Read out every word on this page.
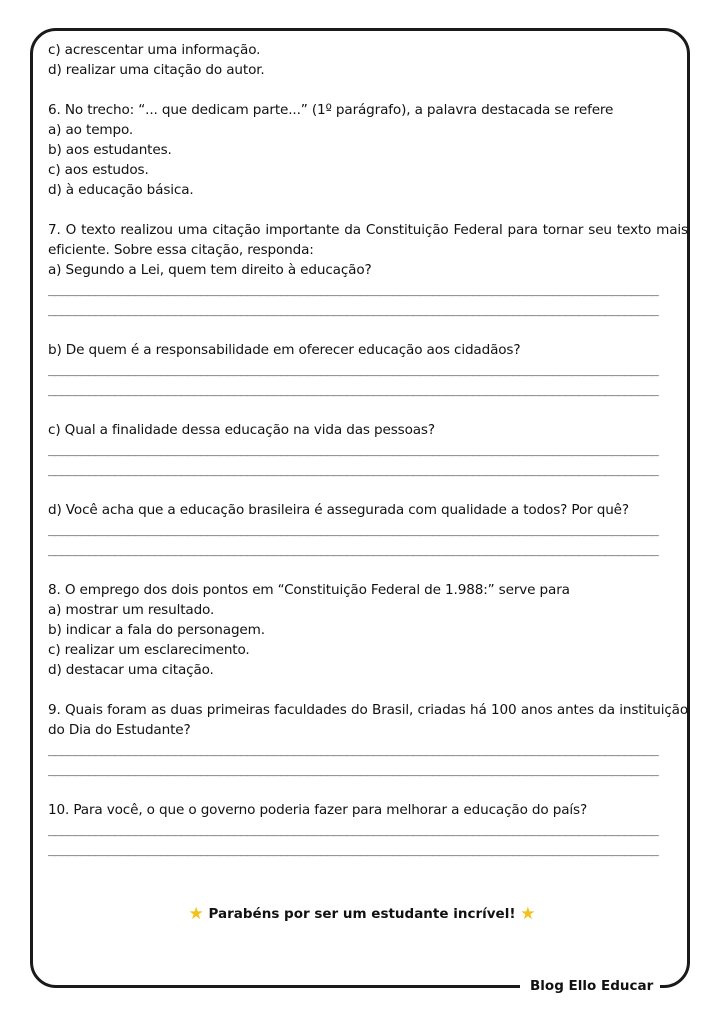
c) acrescentar uma informação.
d) realizar uma citação do autor.
6. No trecho: “... que dedicam parte...” (1º parágrafo), a palavra destacada se refere
a) ao tempo.
b) aos estudantes.
c) aos estudos.
d) à educação básica.
7. O texto realizou uma citação importante da Constituição Federal para tornar seu texto mais eficiente. Sobre essa citação, responda:
a) Segundo a Lei, quem tem direito à educação?
____________________________________________________________________________________________
____________________________________________________________________________________________
b) De quem é a responsabilidade em oferecer educação aos cidadãos?
____________________________________________________________________________________________
____________________________________________________________________________________________
c) Qual a finalidade dessa educação na vida das pessoas?
____________________________________________________________________________________________
____________________________________________________________________________________________
d) Você acha que a educação brasileira é assegurada com qualidade a todos? Por quê?
____________________________________________________________________________________________
____________________________________________________________________________________________
8. O emprego dos dois pontos em “Constituição Federal de 1.988:” serve para
a) mostrar um resultado.
b) indicar a fala do personagem.
c) realizar um esclarecimento.
d) destacar uma citação.
9. Quais foram as duas primeiras faculdades do Brasil, criadas há 100 anos antes da instituição do Dia do Estudante?
____________________________________________________________________________________________
____________________________________________________________________________________________
10. Para você, o que o governo poderia fazer para melhorar a educação do país?
____________________________________________________________________________________________
____________________________________________________________________________________________
★ Parabéns por ser um estudante incrível! ★
Blog Ello Educar
